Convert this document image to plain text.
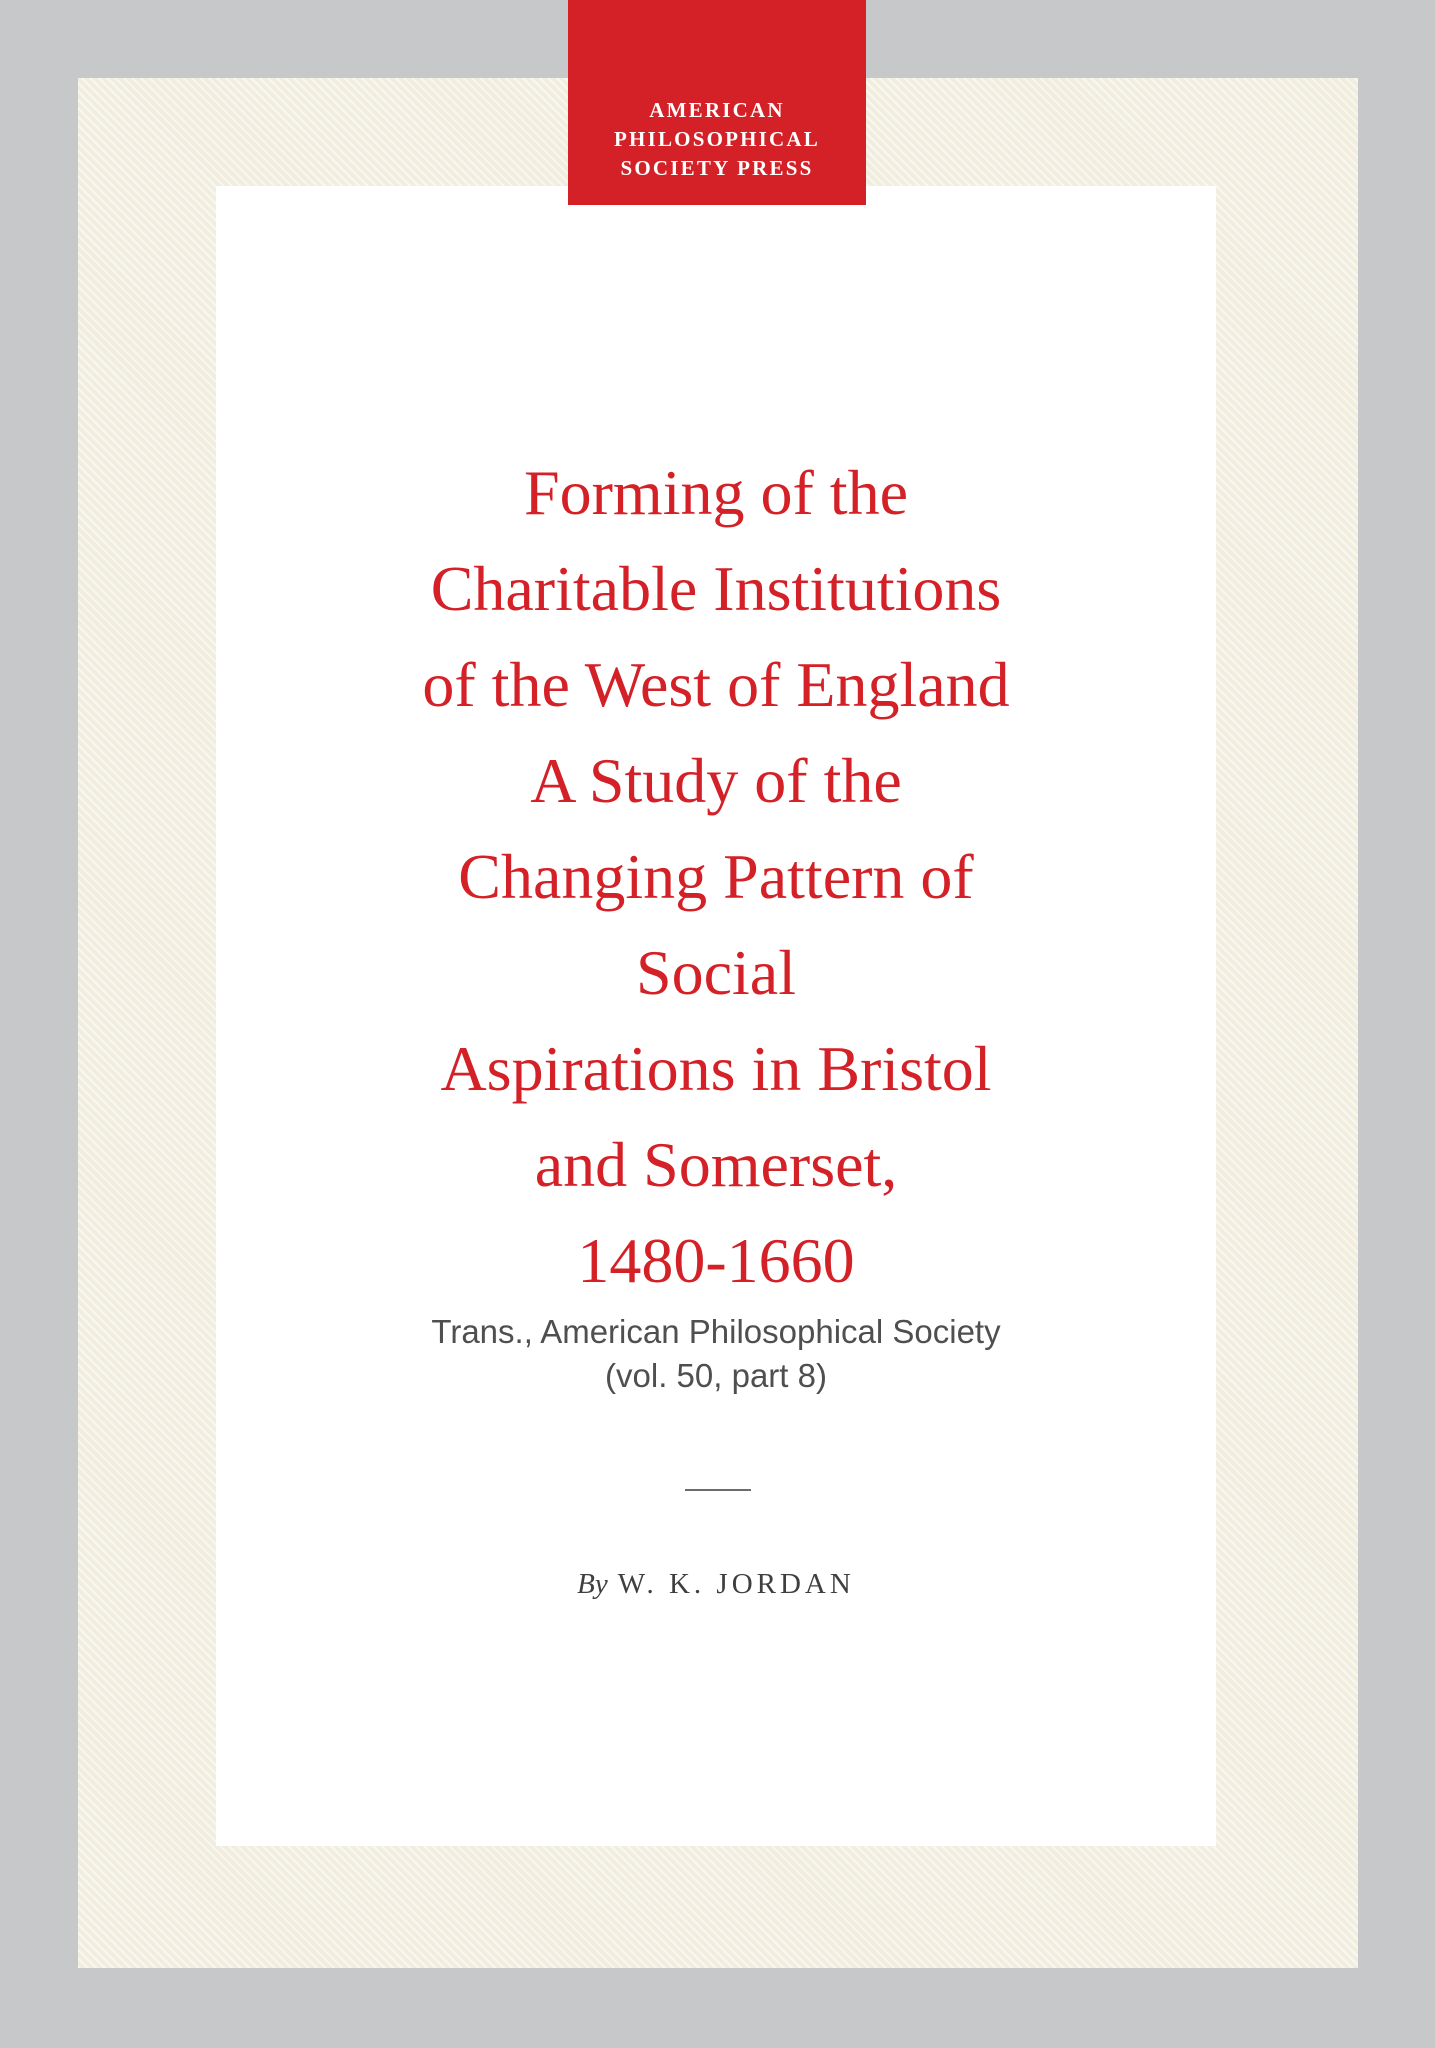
AMERICAN
PHILOSOPHICAL
SOCIETY PRESS
Forming of the
Charitable Institutions
of the West of England
A Study of the
Changing Pattern of
Social
Aspirations in Bristol
and Somerset,
1480-1660
Trans., American Philosophical Society
(vol. 50, part 8)
By W. K. JORDAN
